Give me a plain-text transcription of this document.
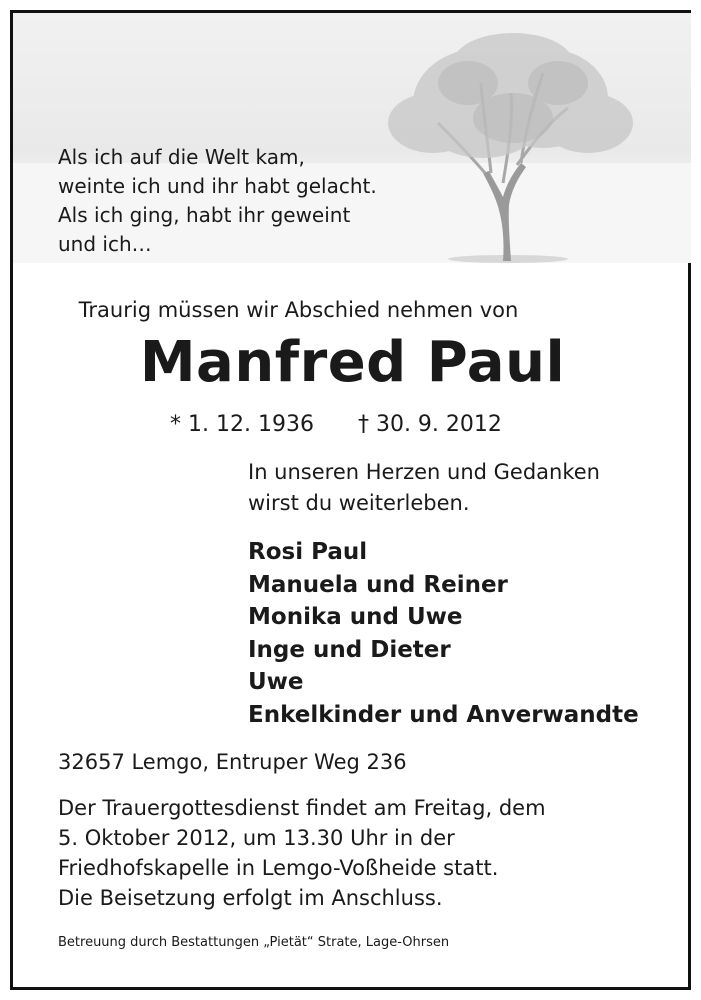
Als ich auf die Welt kam,
weinte ich und ihr habt gelacht.
Als ich ging, habt ihr geweint
und ich…
Traurig müssen wir Abschied nehmen von
Manfred Paul
* 1. 12. 1936 † 30. 9. 2012
In unseren Herzen und Gedanken
wirst du weiterleben.
Rosi Paul
Manuela und Reiner
Monika und Uwe
Inge und Dieter
Uwe
Enkelkinder und Anverwandte
32657 Lemgo, Entruper Weg 236
Der Trauergottesdienst findet am Freitag, dem
5. Oktober 2012, um 13.30 Uhr in der
Friedhofskapelle in Lemgo-Voßheide statt.
Die Beisetzung erfolgt im Anschluss.
Betreuung durch Bestattungen „Pietät“ Strate, Lage-Ohrsen
